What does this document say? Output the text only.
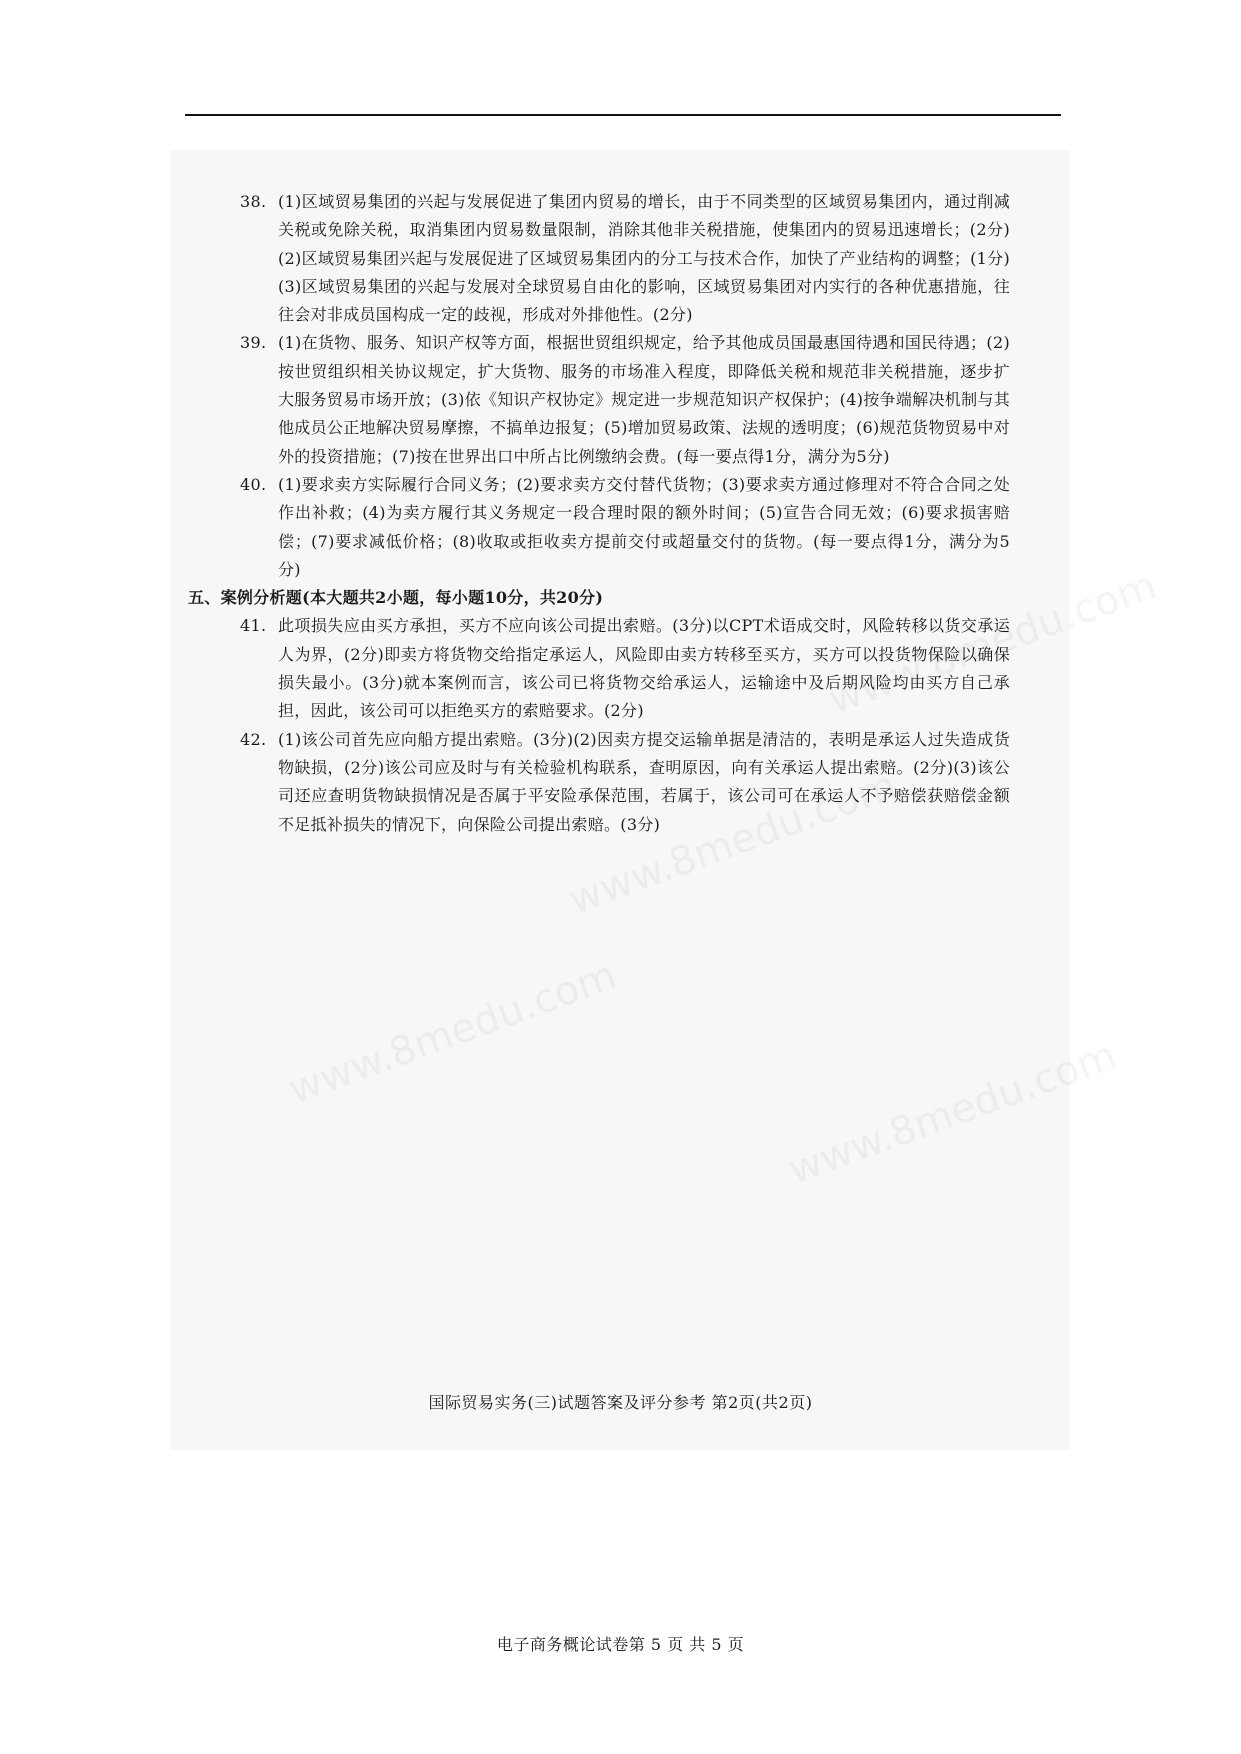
38. (1)区域贸易集团的兴起与发展促进了集团内贸易的增长，由于不同类型的区域贸易集团内，通过削减关税或免除关税，取消集团内贸易数量限制，消除其他非关税措施，使集团内的贸易迅速增长；(2分)(2)区域贸易集团兴起与发展促进了区域贸易集团内的分工与技术合作，加快了产业结构的调整；(1分)(3)区域贸易集团的兴起与发展对全球贸易自由化的影响，区域贸易集团对内实行的各种优惠措施，往往会对非成员国构成一定的歧视，形成对外排他性。(2分)
39. (1)在货物、服务、知识产权等方面，根据世贸组织规定，给予其他成员国最惠国待遇和国民待遇；(2)按世贸组织相关协议规定，扩大货物、服务的市场准入程度，即降低关税和规范非关税措施，逐步扩大服务贸易市场开放；(3)依《知识产权协定》规定进一步规范知识产权保护；(4)按争端解决机制与其他成员公正地解决贸易摩擦，不搞单边报复；(5)增加贸易政策、法规的透明度；(6)规范货物贸易中对外的投资措施；(7)按在世界出口中所占比例缴纳会费。(每一要点得1分，满分为5分)
40. (1)要求卖方实际履行合同义务；(2)要求卖方交付替代货物；(3)要求卖方通过修理对不符合合同之处作出补救；(4)为卖方履行其义务规定一段合理时限的额外时间；(5)宣告合同无效；(6)要求损害赔偿；(7)要求减低价格；(8)收取或拒收卖方提前交付或超量交付的货物。(每一要点得1分，满分为5分)
五、案例分析题(本大题共2小题，每小题10分，共20分)
41. 此项损失应由买方承担，买方不应向该公司提出索赔。(3分)以CPT术语成交时，风险转移以货交承运人为界，(2分)即卖方将货物交给指定承运人，风险即由卖方转移至买方，买方可以投货物保险以确保损失最小。(3分)就本案例而言，该公司已将货物交给承运人，运输途中及后期风险均由买方自己承担，因此，该公司可以拒绝买方的索赔要求。(2分)
42. (1)该公司首先应向船方提出索赔。(3分)(2)因卖方提交运输单据是清洁的，表明是承运人过失造成货物缺损，(2分)该公司应及时与有关检验机构联系，查明原因，向有关承运人提出索赔。(2分)(3)该公司还应查明货物缺损情况是否属于平安险承保范围，若属于，该公司可在承运人不予赔偿获赔偿金额不足抵补损失的情况下，向保险公司提出索赔。(3分)
国际贸易实务(三)试题答案及评分参考 第2页(共2页)
电子商务概论试卷第 5 页 共 5 页
